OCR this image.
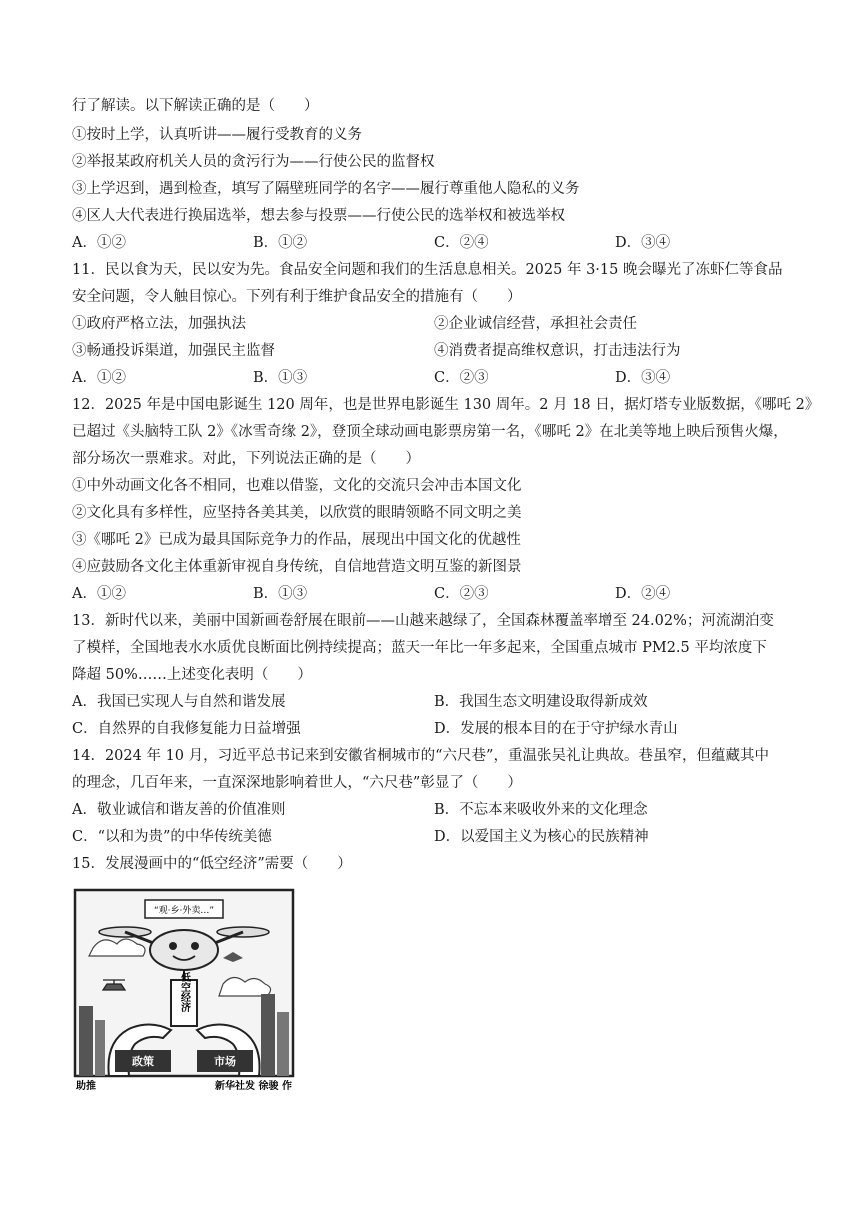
行了解读。以下解读正确的是（　　）
①按时上学，认真听讲——履行受教育的义务
②举报某政府机关人员的贪污行为——行使公民的监督权
③上学迟到，遇到检查，填写了隔壁班同学的名字——履行尊重他人隐私的义务
④区人大代表进行换届选举，想去参与投票——行使公民的选举权和被选举权
A．①②	B．①②	C．②④	D．③④
11．民以食为天，民以安为先。食品安全问题和我们的生活息息相关。2025 年 3·15 晚会曝光了冻虾仁等食品
安全问题，令人触目惊心。下列有利于维护食品安全的措施有（　　）
①政府严格立法，加强执法	②企业诚信经营，承担社会责任
③畅通投诉渠道，加强民主监督	④消费者提高维权意识，打击违法行为
A．①②	B．①③	C．②③	D．③④
12．2025 年是中国电影诞生 120 周年，也是世界电影诞生 130 周年。2 月 18 日，据灯塔专业版数据，《哪吒 2》
已超过《头脑特工队 2》《冰雪奇缘 2》，登顶全球动画电影票房第一名，《哪吒 2》在北美等地上映后预售火爆，
部分场次一票难求。对此，下列说法正确的是（　　）
①中外动画文化各不相同，也难以借鉴，文化的交流只会冲击本国文化
②文化具有多样性，应坚持各美其美，以欣赏的眼睛领略不同文明之美
③《哪吒 2》已成为最具国际竞争力的作品，展现出中国文化的优越性
④应鼓励各文化主体重新审视自身传统，自信地营造文明互鉴的新图景
A．①②	B．①③	C．②③	D．②④
13．新时代以来，美丽中国新画卷舒展在眼前——山越来越绿了，全国森林覆盖率增至 24.02%；河流湖泊变
了模样，全国地表水水质优良断面比例持续提高；蓝天一年比一年多起来，全国重点城市 PM2.5 平均浓度下
降超 50%……上述变化表明（　　）
A．我国已实现人与自然和谐发展	B．我国生态文明建设取得新成效
C．自然界的自我修复能力日益增强	D．发展的根本目的在于守护绿水青山
14．2024 年 10 月，习近平总书记来到安徽省桐城市的“六尺巷”，重温张吴礼让典故。巷虽窄，但蕴藏其中
的理念，几百年来，一直深深地影响着世人，“六尺巷”彰显了（　　）
A．敬业诚信和谐友善的价值准则	B．不忘本来吸收外来的文化理念
C．“以和为贵”的中华传统美德	D．以爱国主义为核心的民族精神
15．发展漫画中的“低空经济”需要（　　）
“观·乡·外卖…”
低空经济
政策	市场
助推	新华社发 徐骏 作
